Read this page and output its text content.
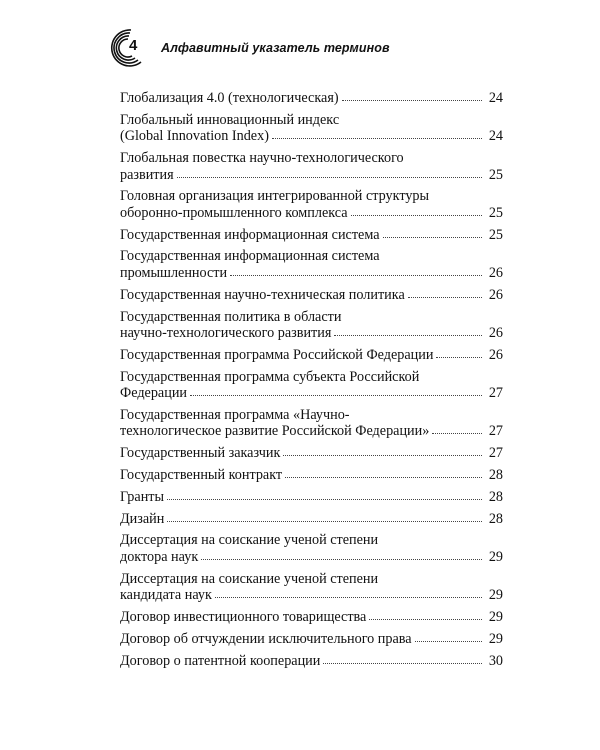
4 Алфавитный указатель терминов
Глобализация 4.0 (технологическая)	24
Глобальный инновационный индекс
(Global Innovation Index)	24
Глобальная повестка научно-технологического
развития	25
Головная организация интегрированной структуры
оборонно-промышленного комплекса	25
Государственная информационная система	25
Государственная информационная система
промышленности	26
Государственная научно-техническая политика	26
Государственная политика в области
научно-технологического развития	26
Государственная программа Российской Федерации	26
Государственная программа субъекта Российской
Федерации	27
Государственная программа «Научно-
технологическое развитие Российской Федерации»	27
Государственный заказчик	27
Государственный контракт	28
Гранты	28
Дизайн	28
Диссертация на соискание ученой степени
доктора наук	29
Диссертация на соискание ученой степени
кандидата наук	29
Договор инвестиционного товарищества	29
Договор об отчуждении исключительного права	29
Договор о патентной кооперации	30
